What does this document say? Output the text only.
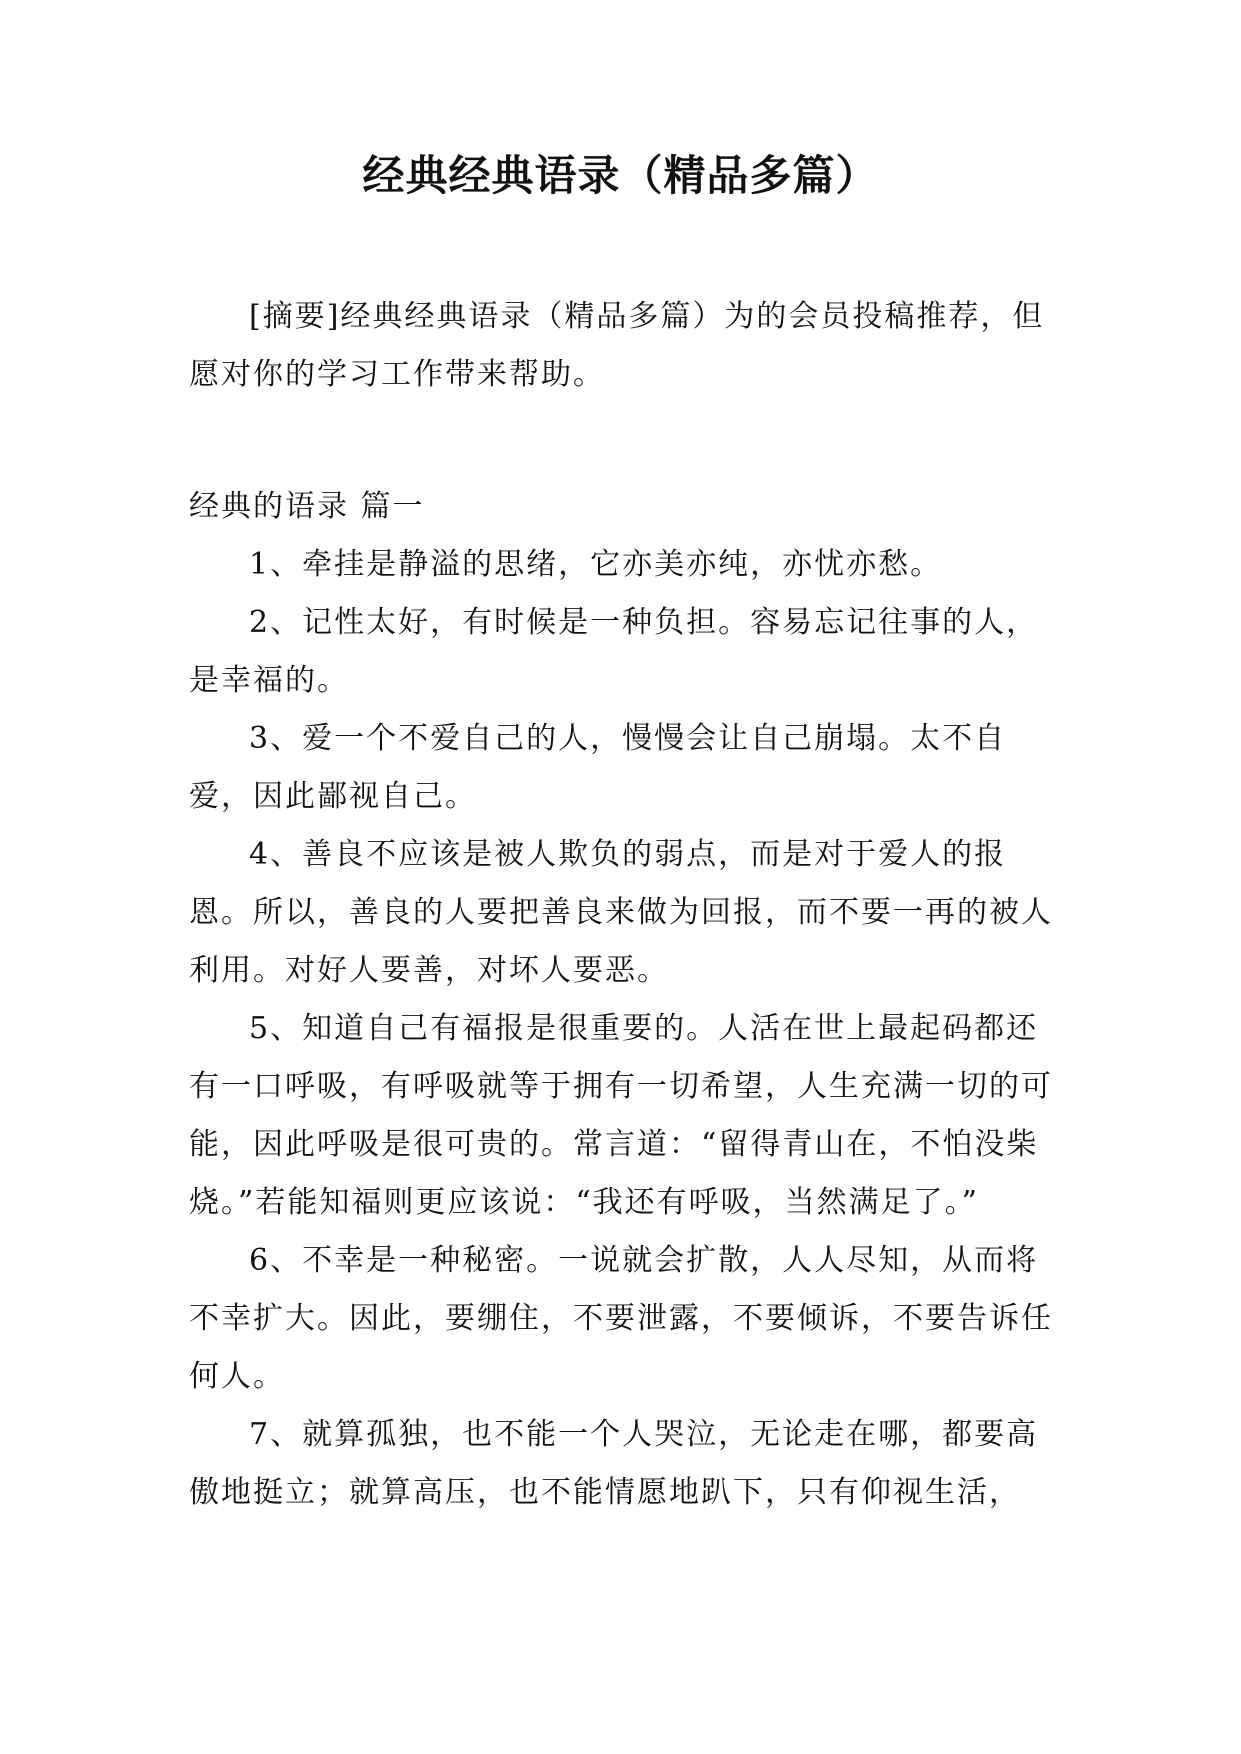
经典经典语录（精品多篇）

[摘要]经典经典语录（精品多篇）为的会员投稿推荐，但愿对你的学习工作带来帮助。

经典的语录 篇一

1、牵挂是静溢的思绪，它亦美亦纯，亦忧亦愁。

2、记性太好，有时候是一种负担。容易忘记往事的人，是幸福的。

3、爱一个不爱自己的人，慢慢会让自己崩塌。太不自爱，因此鄙视自己。

4、善良不应该是被人欺负的弱点，而是对于爱人的报恩。所以，善良的人要把善良来做为回报，而不要一再的被人利用。对好人要善，对坏人要恶。

5、知道自己有福报是很重要的。人活在世上最起码都还有一口呼吸，有呼吸就等于拥有一切希望，人生充满一切的可能，因此呼吸是很可贵的。常言道：“留得青山在，不怕没柴烧。”若能知福则更应该说：“我还有呼吸，当然满足了。”

6、不幸是一种秘密。一说就会扩散，人人尽知，从而将不幸扩大。因此，要绷住，不要泄露，不要倾诉，不要告诉任何人。

7、就算孤独，也不能一个人哭泣，无论走在哪，都要高傲地挺立；就算高压，也不能情愿地趴下，只有仰视生活，
